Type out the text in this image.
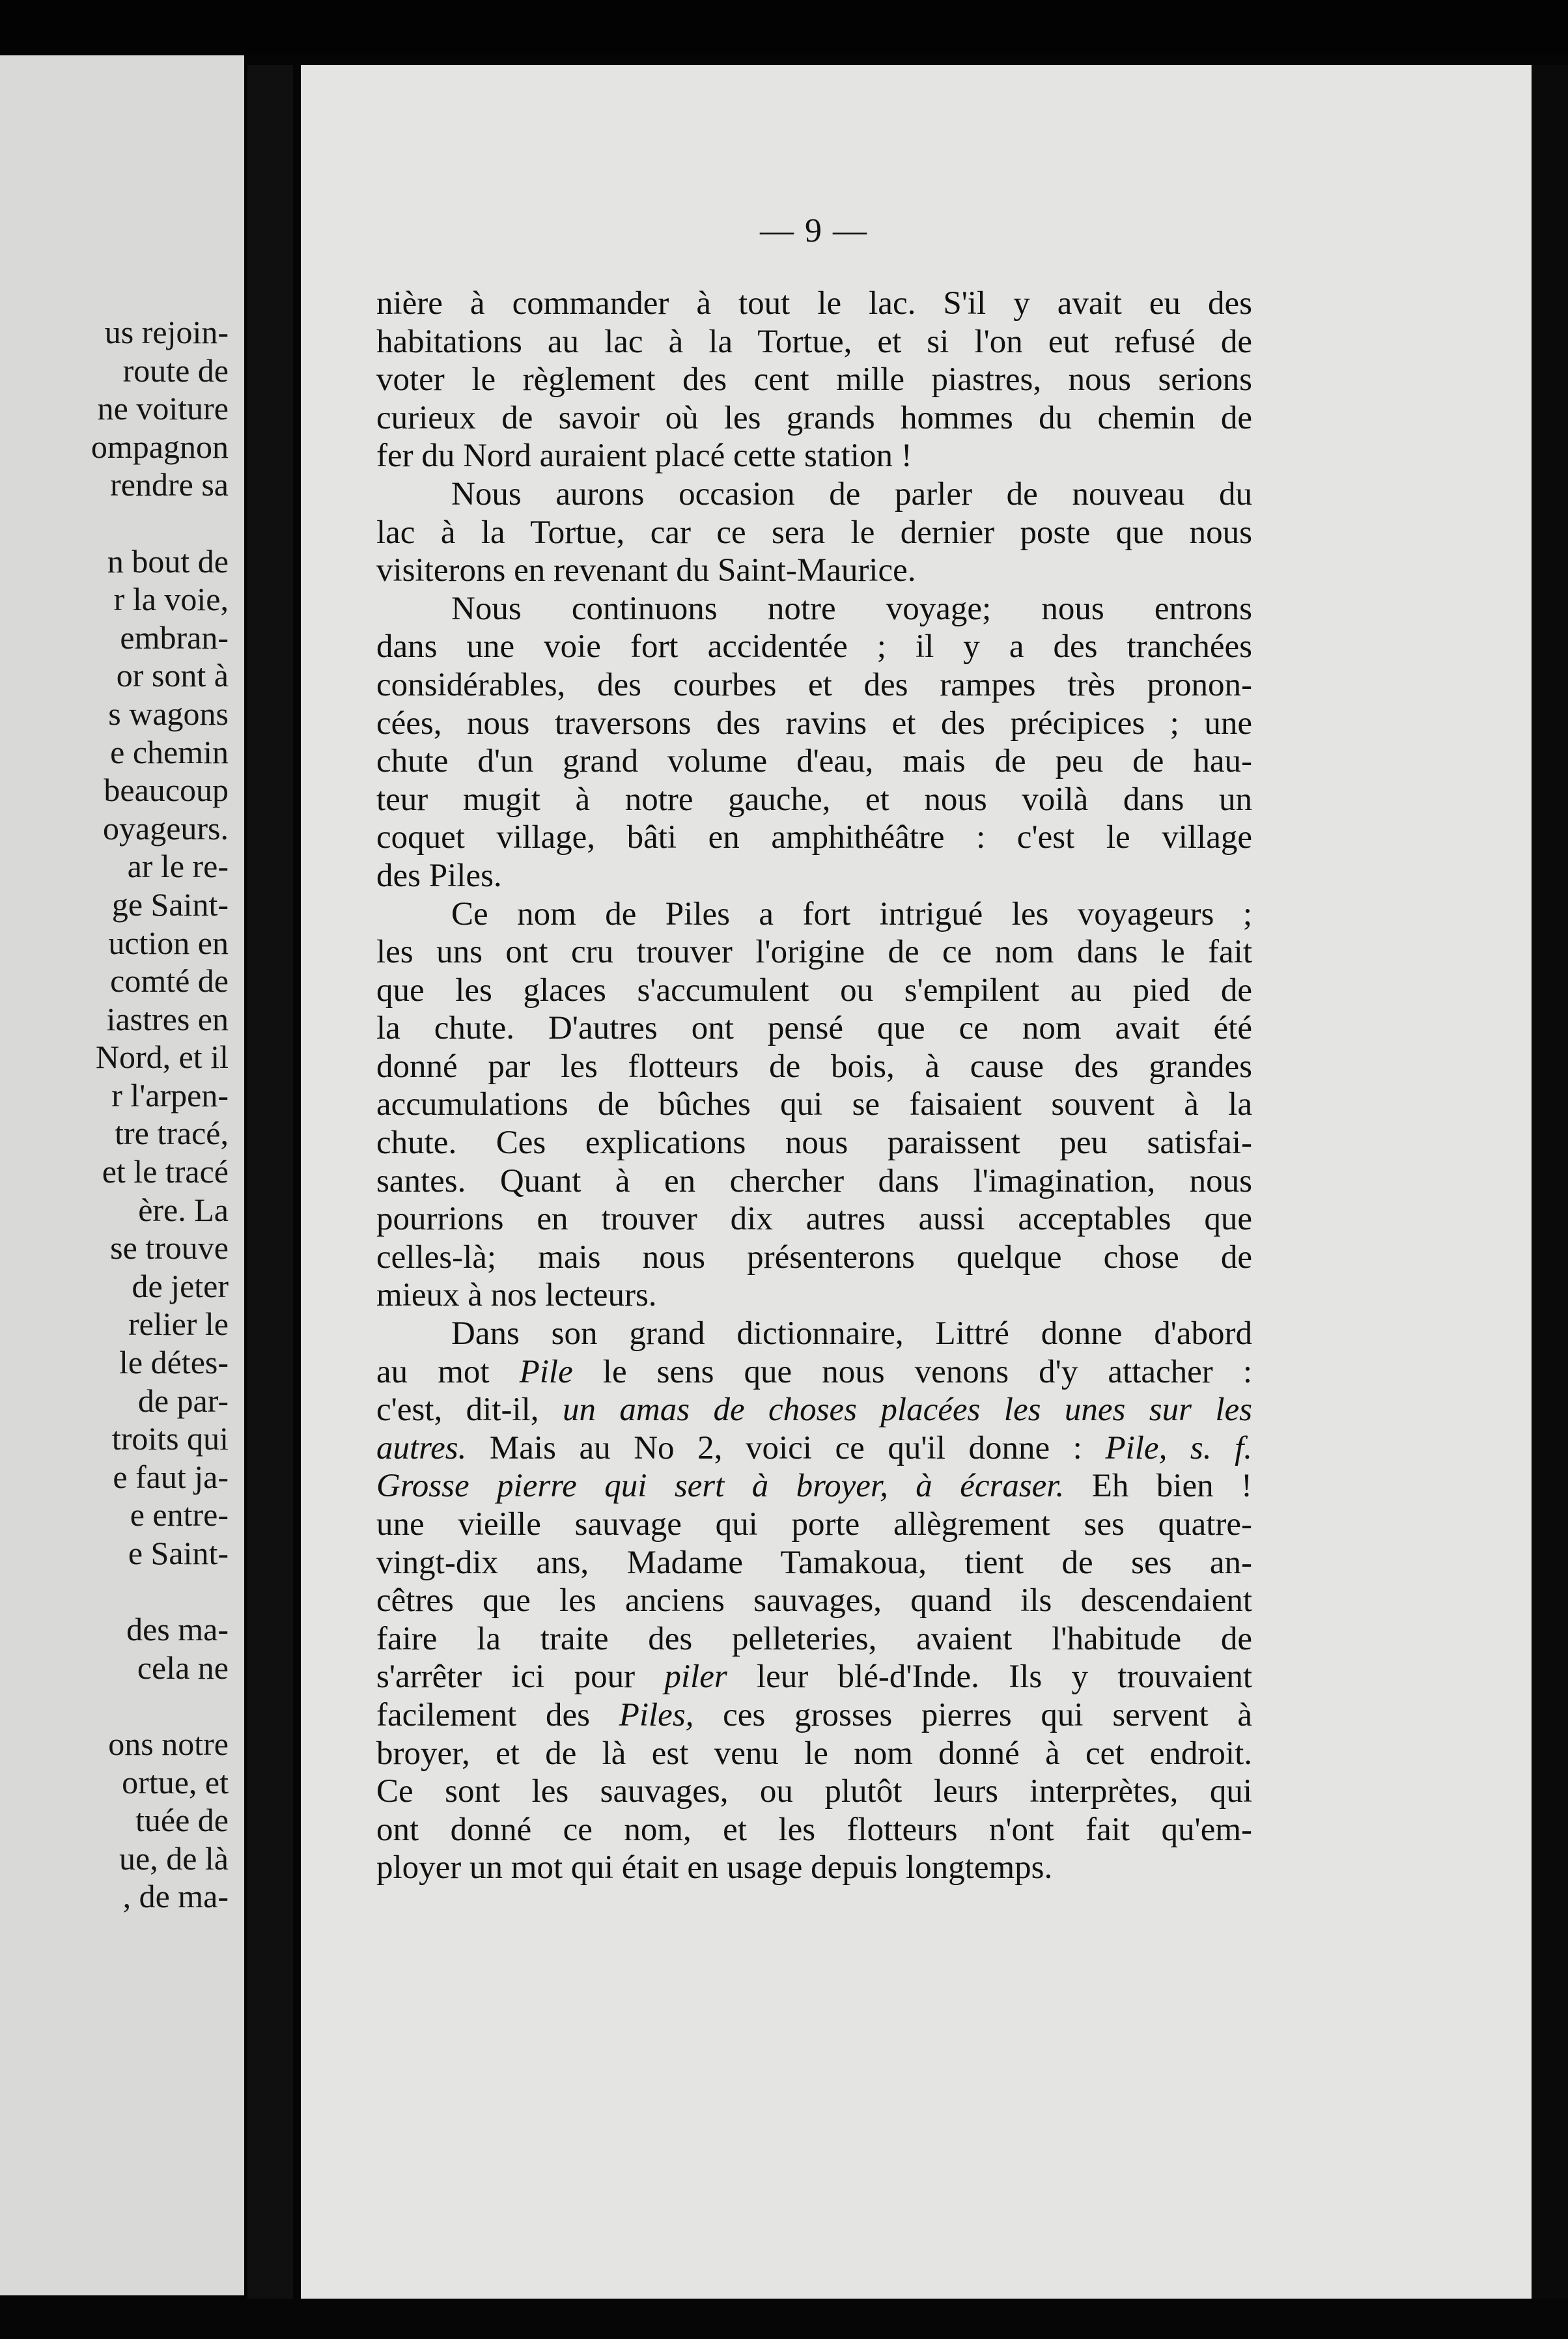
us rejoin-
route de
ne voiture
ompagnon
rendre sa
n bout de
r la voie,
embran-
or sont à
s wagons
e chemin
beaucoup
oyageurs.
ar le re-
ge Saint-
uction en
comté de
iastres en
Nord, et il
r l'arpen-
tre tracé,
et le tracé
ère. La
se trouve
de jeter
relier le
le détes-
de par-
troits qui
e faut ja-
e entre-
e Saint-
des ma-
cela ne
ons notre
ortue, et
tuée de
ue, de là
, de ma-
— 9 —
nière à commander à tout le lac. S'il y avait eu des
habitations au lac à la Tortue, et si l'on eut refusé de
voter le règlement des cent mille piastres, nous serions
curieux de savoir où les grands hommes du chemin de
fer du Nord auraient placé cette station !
Nous aurons occasion de parler de nouveau du
lac à la Tortue, car ce sera le dernier poste que nous
visiterons en revenant du Saint-Maurice.
Nous continuons notre voyage; nous entrons
dans une voie fort accidentée ; il y a des tranchées
considérables, des courbes et des rampes très pronon-
cées, nous traversons des ravins et des précipices ; une
chute d'un grand volume d'eau, mais de peu de hau-
teur mugit à notre gauche, et nous voilà dans un
coquet village, bâti en amphithéâtre : c'est le village
des Piles.
Ce nom de Piles a fort intrigué les voyageurs ;
les uns ont cru trouver l'origine de ce nom dans le fait
que les glaces s'accumulent ou s'empilent au pied de
la chute. D'autres ont pensé que ce nom avait été
donné par les flotteurs de bois, à cause des grandes
accumulations de bûches qui se faisaient souvent à la
chute. Ces explications nous paraissent peu satisfai-
santes. Quant à en chercher dans l'imagination, nous
pourrions en trouver dix autres aussi acceptables que
celles-là; mais nous présenterons quelque chose de
mieux à nos lecteurs.
Dans son grand dictionnaire, Littré donne d'abord
au mot Pile le sens que nous venons d'y attacher :
c'est, dit-il, un amas de choses placées les unes sur les
autres. Mais au No 2, voici ce qu'il donne : Pile, s. f.
Grosse pierre qui sert à broyer, à écraser. Eh bien !
une vieille sauvage qui porte allègrement ses quatre-
vingt-dix ans, Madame Tamakoua, tient de ses an-
cêtres que les anciens sauvages, quand ils descendaient
faire la traite des pelleteries, avaient l'habitude de
s'arrêter ici pour piler leur blé-d'Inde. Ils y trouvaient
facilement des Piles, ces grosses pierres qui servent à
broyer, et de là est venu le nom donné à cet endroit.
Ce sont les sauvages, ou plutôt leurs interprètes, qui
ont donné ce nom, et les flotteurs n'ont fait qu'em-
ployer un mot qui était en usage depuis longtemps.
